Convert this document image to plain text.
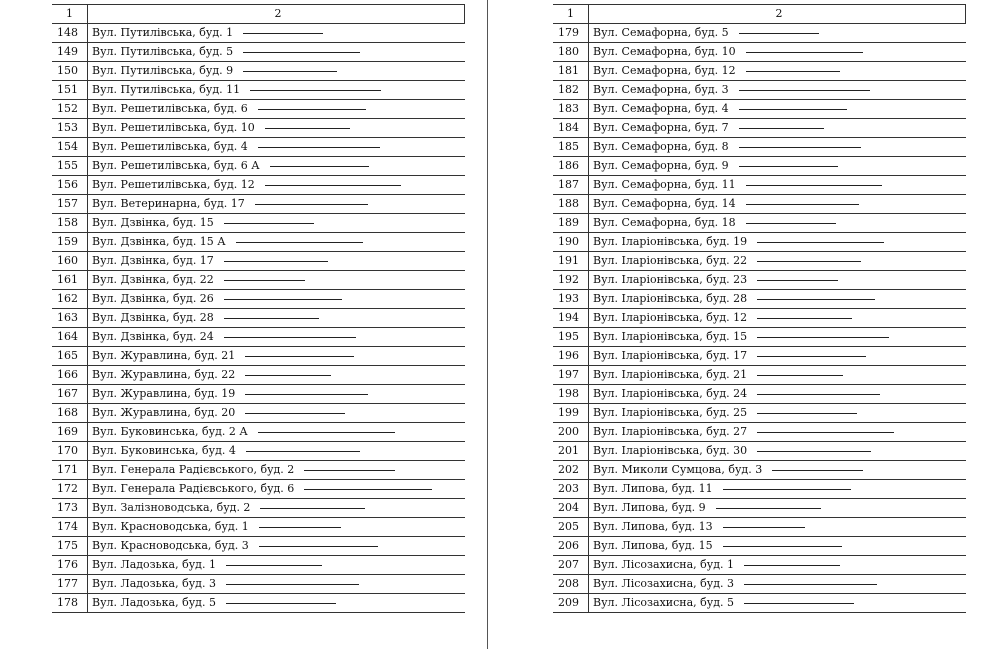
1	2
148	Вул. Путилівська, буд. 1
149	Вул. Путилівська, буд. 5
150	Вул. Путилівська, буд. 9
151	Вул. Путилівська, буд. 11
152	Вул. Решетилівська, буд. 6
153	Вул. Решетилівська, буд. 10
154	Вул. Решетилівська, буд. 4
155	Вул. Решетилівська, буд. 6 А
156	Вул. Решетилівська, буд. 12
157	Вул. Ветеринарна, буд. 17
158	Вул. Дзвінка, буд. 15
159	Вул. Дзвінка, буд. 15 А
160	Вул. Дзвінка, буд. 17
161	Вул. Дзвінка, буд. 22
162	Вул. Дзвінка, буд. 26
163	Вул. Дзвінка, буд. 28
164	Вул. Дзвінка, буд. 24
165	Вул. Журавлина, буд. 21
166	Вул. Журавлина, буд. 22
167	Вул. Журавлина, буд. 19
168	Вул. Журавлина, буд. 20
169	Вул. Буковинська, буд. 2 А
170	Вул. Буковинська, буд. 4
171	Вул. Генерала Радієвського, буд. 2
172	Вул. Генерала Радієвського, буд. 6
173	Вул. Залізноводська, буд. 2
174	Вул. Красноводська, буд. 1
175	Вул. Красноводська, буд. 3
176	Вул. Ладозька, буд. 1
177	Вул. Ладозька, буд. 3
178	Вул. Ладозька, буд. 5
1	2
179	Вул. Семафорна, буд. 5
180	Вул. Семафорна, буд. 10
181	Вул. Семафорна, буд. 12
182	Вул. Семафорна, буд. 3
183	Вул. Семафорна, буд. 4
184	Вул. Семафорна, буд. 7
185	Вул. Семафорна, буд. 8
186	Вул. Семафорна, буд. 9
187	Вул. Семафорна, буд. 11
188	Вул. Семафорна, буд. 14
189	Вул. Семафорна, буд. 18
190	Вул. Іларіонівська, буд. 19
191	Вул. Іларіонівська, буд. 22
192	Вул. Іларіонівська, буд. 23
193	Вул. Іларіонівська, буд. 28
194	Вул. Іларіонівська, буд. 12
195	Вул. Іларіонівська, буд. 15
196	Вул. Іларіонівська, буд. 17
197	Вул. Іларіонівська, буд. 21
198	Вул. Іларіонівська, буд. 24
199	Вул. Іларіонівська, буд. 25
200	Вул. Іларіонівська, буд. 27
201	Вул. Іларіонівська, буд. 30
202	Вул. Миколи Сумцова, буд. 3
203	Вул. Липова, буд. 11
204	Вул. Липова, буд. 9
205	Вул. Липова, буд. 13
206	Вул. Липова, буд. 15
207	Вул. Лісозахисна, буд. 1
208	Вул. Лісозахисна, буд. 3
209	Вул. Лісозахисна, буд. 5
